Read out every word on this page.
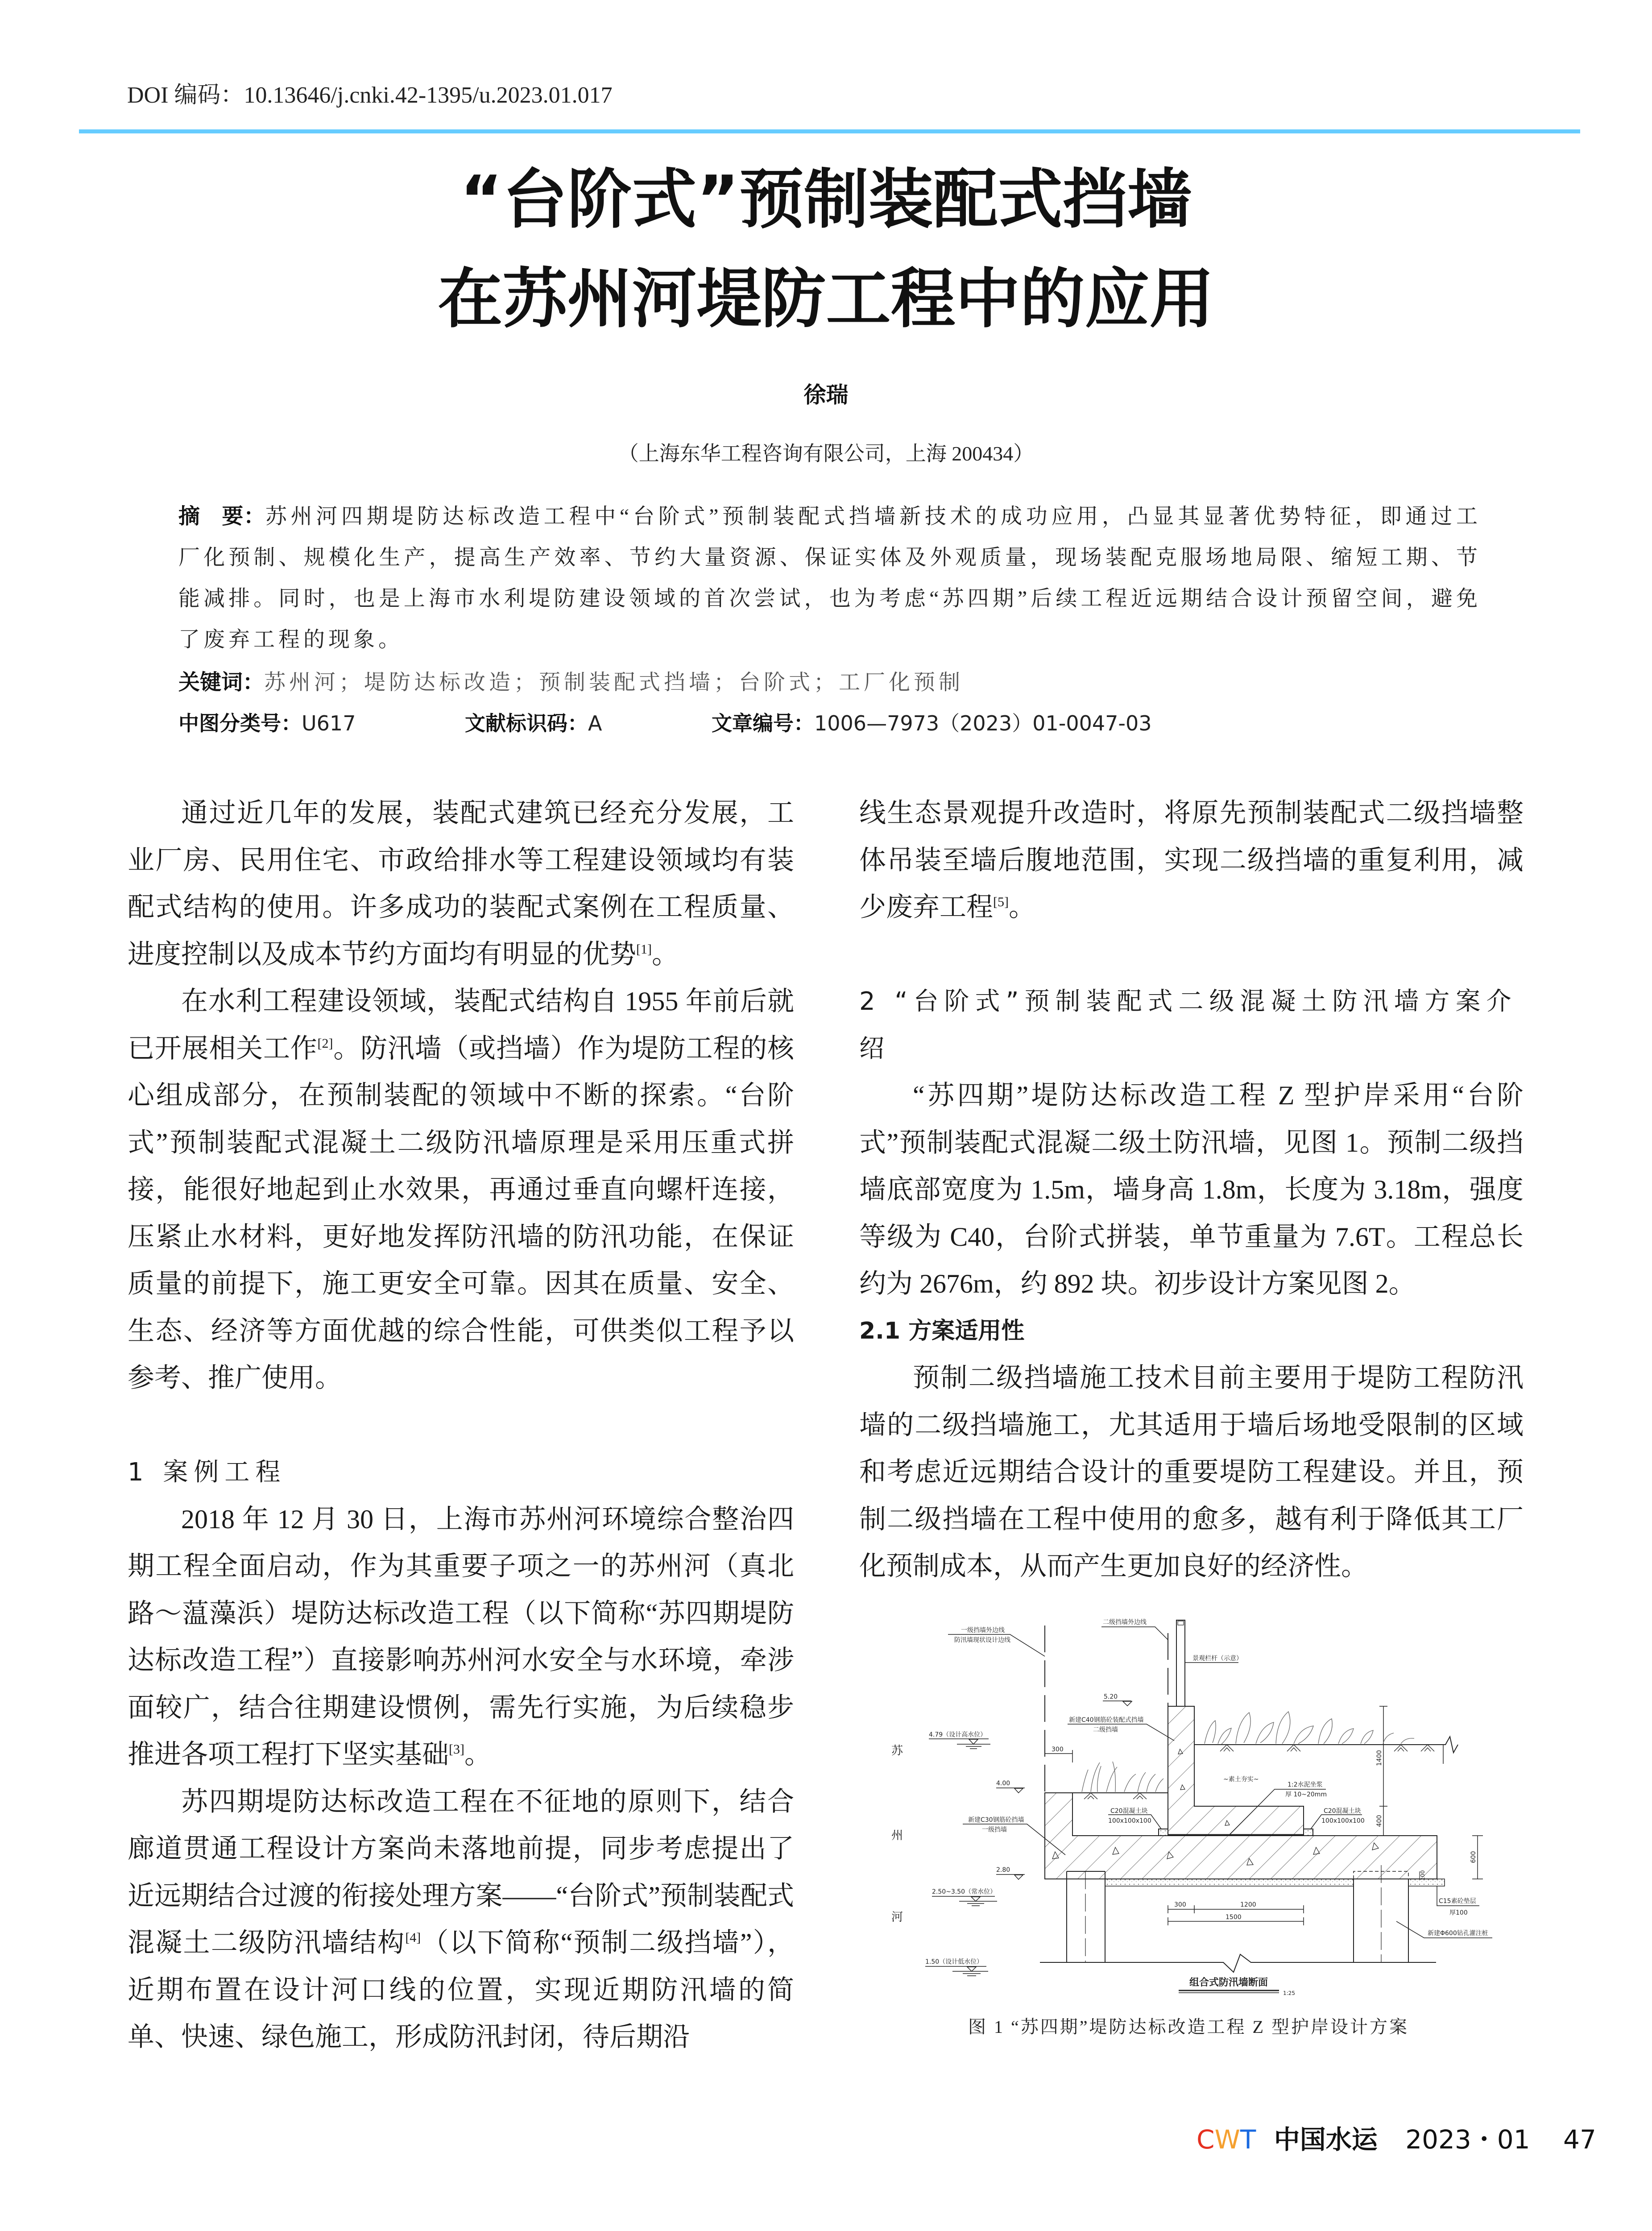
DOI 编码：10.13646/j.cnki.42-1395/u.2023.01.017
“台阶式”预制装配式挡墙
在苏州河堤防工程中的应用
徐瑞
（上海东华工程咨询有限公司，上海 200434）
摘　要：苏州河四期堤防达标改造工程中“台阶式”预制装配式挡墙新技术的成功应用，凸显其显著优势特征，即通过工厂化预制、规模化生产，提高生产效率、节约大量资源、保证实体及外观质量，现场装配克服场地局限、缩短工期、节能减排。同时，也是上海市水利堤防建设领域的首次尝试，也为考虑“苏四期”后续工程近远期结合设计预留空间，避免了废弃工程的现象。
关键词：苏州河；堤防达标改造；预制装配式挡墙；台阶式；工厂化预制
中图分类号：U617	文献标识码：A	文章编号：1006—7973（2023）01-0047-03

通过近几年的发展，装配式建筑已经充分发展，工业厂房、民用住宅、市政给排水等工程建设领域均有装配式结构的使用。许多成功的装配式案例在工程质量、进度控制以及成本节约方面均有明显的优势[1]。

在水利工程建设领域，装配式结构自 1955 年前后就已开展相关工作[2]。防汛墙（或挡墙）作为堤防工程的核心组成部分，在预制装配的领域中不断的探索。“台阶式”预制装配式混凝土二级防汛墙原理是采用压重式拼接，能很好地起到止水效果，再通过垂直向螺杆连接，压紧止水材料，更好地发挥防汛墙的防汛功能，在保证质量的前提下，施工更安全可靠。因其在质量、安全、生态、经济等方面优越的综合性能，可供类似工程予以参考、推广使用。

1 案例工程

2018 年 12 月 30 日，上海市苏州河环境综合整治四期工程全面启动，作为其重要子项之一的苏州河（真北路～蕰藻浜）堤防达标改造工程（以下简称“苏四期堤防达标改造工程”）直接影响苏州河水安全与水环境，牵涉面较广，结合往期建设惯例，需先行实施，为后续稳步推进各项工程打下坚实基础[3]。

苏四期堤防达标改造工程在不征地的原则下，结合廊道贯通工程设计方案尚未落地前提，同步考虑提出了近远期结合过渡的衔接处理方案——“台阶式”预制装配式混凝土二级防汛墙结构[4]（以下简称“预制二级挡墙”），近期布置在设计河口线的位置，实现近期防汛墙的简单、快速、绿色施工，形成防汛封闭，待后期沿

线生态景观提升改造时，将原先预制装配式二级挡墙整体吊装至墙后腹地范围，实现二级挡墙的重复利用，减少废弃工程[5]。

2 “台阶式”预制装配式二级混凝土防汛墙方案介绍

“苏四期”堤防达标改造工程 Z 型护岸采用“台阶式”预制装配式混凝二级土防汛墙，见图 1。预制二级挡墙底部宽度为 1.5m，墙身高 1.8m，长度为 3.18m，强度等级为 C40，台阶式拼装，单节重量为 7.6T。工程总长约为 2676m，约 892 块。初步设计方案见图 2。

2.1 方案适用性

预制二级挡墙施工技术目前主要用于堤防工程防汛墙的二级挡墙施工，尤其适用于墙后场地受限制的区域和考虑近远期结合设计的重要堤防工程建设。并且，预制二级挡墙在工程中使用的愈多，越有利于降低其工厂化预制成本，从而产生更加良好的经济性。

苏
州
河
一级挡墙外边线
防汛墙现状设计边线
二级挡墙外边线
景观栏杆（示意）
5.20
新建C40钢筋砼装配式挡墙
二级挡墙
4.79（设计高水位）
300
~素土夯实~
1:2水泥坐浆
厚 10~20mm
1400
4.00
C20混凝土块
100x100x100
C20混凝土块
100x100x100 400
新建C30钢筋砼挡墙
一级挡墙
600
2.80
100
2.50~3.50（常水位）
C15素砼垫层
厚100
300	1200
1500
新建Φ600钻孔灌注桩
1.50（设计低水位）
组合式防汛墙断面
1:25
图 1 “苏四期”堤防达标改造工程 Z 型护岸设计方案
CWT 中国水运 2023・01 47
